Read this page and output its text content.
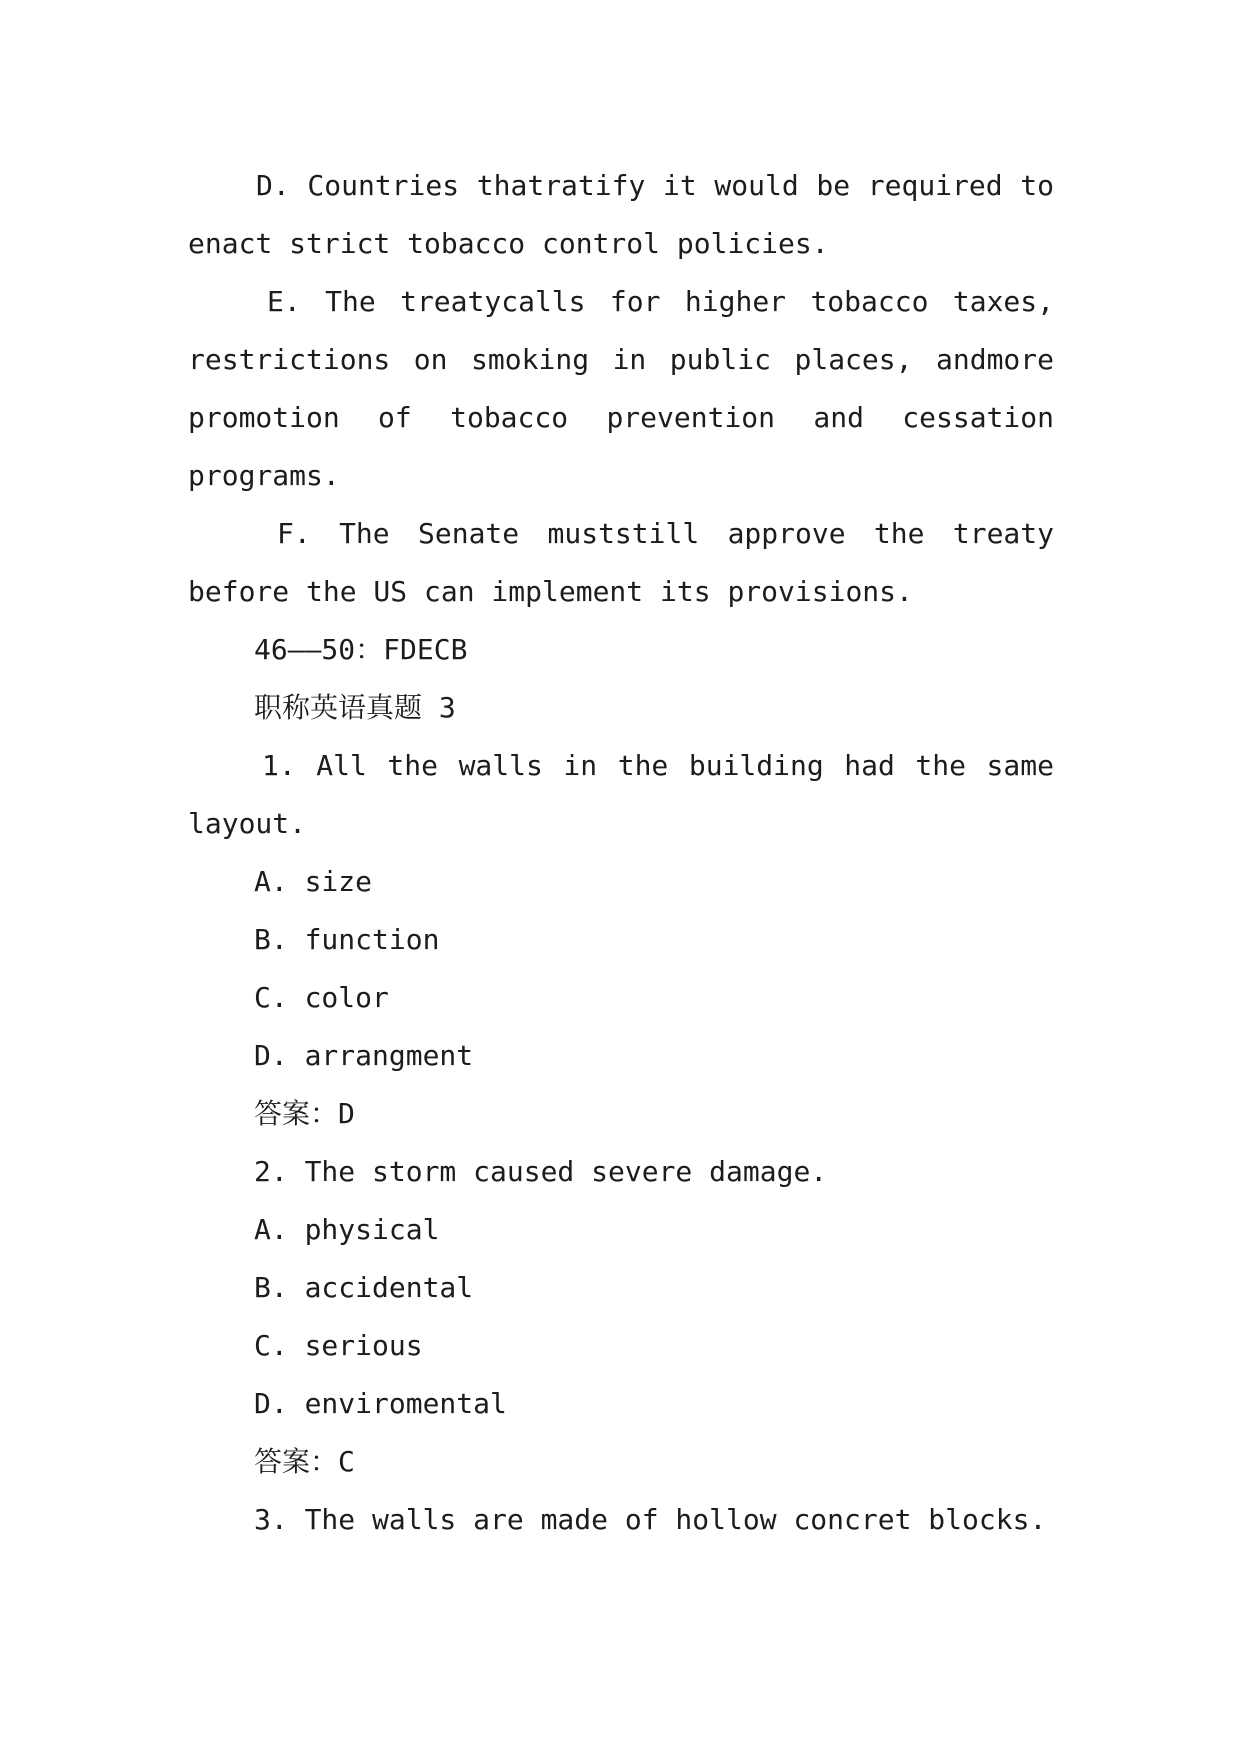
D. Countries thatratify it would be required to
enact strict tobacco control policies.
E. The treatycalls for higher tobacco taxes,
restrictions on smoking in public places, andmore
promotion of tobacco prevention and cessation
programs.
F. The Senate muststill approve the treaty
before the US can implement its provisions.
46——50：FDECB
职称英语真题 3
1. All the walls in the building had the same
layout.
A. size
B. function
C. color
D. arrangment
答案：D
2. The storm caused severe damage.
A. physical
B. accidental
C. serious
D. enviromental
答案：C
3. The walls are made of hollow concret blocks.
